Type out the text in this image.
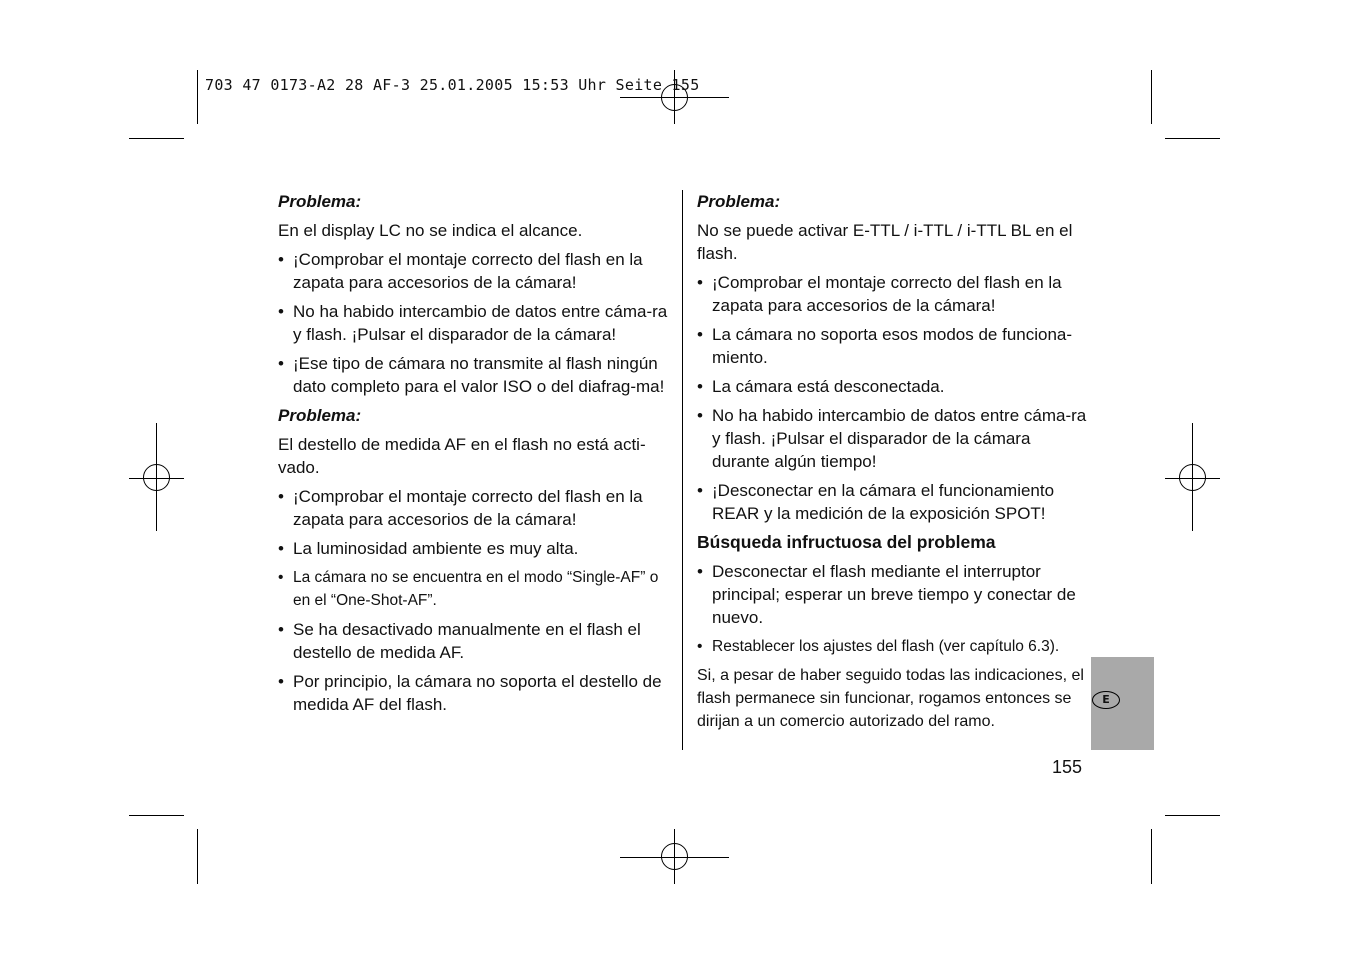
703 47 0173-A2 28 AF-3 25.01.2005 15:53 Uhr Seite 155
Problema:
En el display LC no se indica el alcance.
• ¡Comprobar el montaje correcto del flash en la zapata para accesorios de la cámara!
• No ha habido intercambio de datos entre cáma-ra y flash. ¡Pulsar el disparador de la cámara!
• ¡Ese tipo de cámara no transmite al flash ningún dato completo para el valor ISO o del diafrag-ma!
Problema:
El destello de medida AF en el flash no está acti-vado.
• ¡Comprobar el montaje correcto del flash en la zapata para accesorios de la cámara!
• La luminosidad ambiente es muy alta.
• La cámara no se encuentra en el modo “Single-AF” o en el “One-Shot-AF”.
• Se ha desactivado manualmente en el flash el destello de medida AF.
• Por principio, la cámara no soporta el destello de medida AF del flash.
Problema:
No se puede activar E-TTL / i-TTL / i-TTL BL en el flash.
• ¡Comprobar el montaje correcto del flash en la zapata para accesorios de la cámara!
• La cámara no soporta esos modos de funciona-miento.
• La cámara está desconectada.
• No ha habido intercambio de datos entre cáma-ra y flash. ¡Pulsar el disparador de la cámara durante algún tiempo!
• ¡Desconectar en la cámara el funcionamiento REAR y la medición de la exposición SPOT!
Búsqueda infructuosa del problema
• Desconectar el flash mediante el interruptor principal; esperar un breve tiempo y conectar de nuevo.
• Restablecer los ajustes del flash (ver capítulo 6.3).
Si, a pesar de haber seguido todas las indicaciones, el flash permanece sin funcionar, rogamos entonces se dirijan a un comercio autorizado del ramo.
E
155
